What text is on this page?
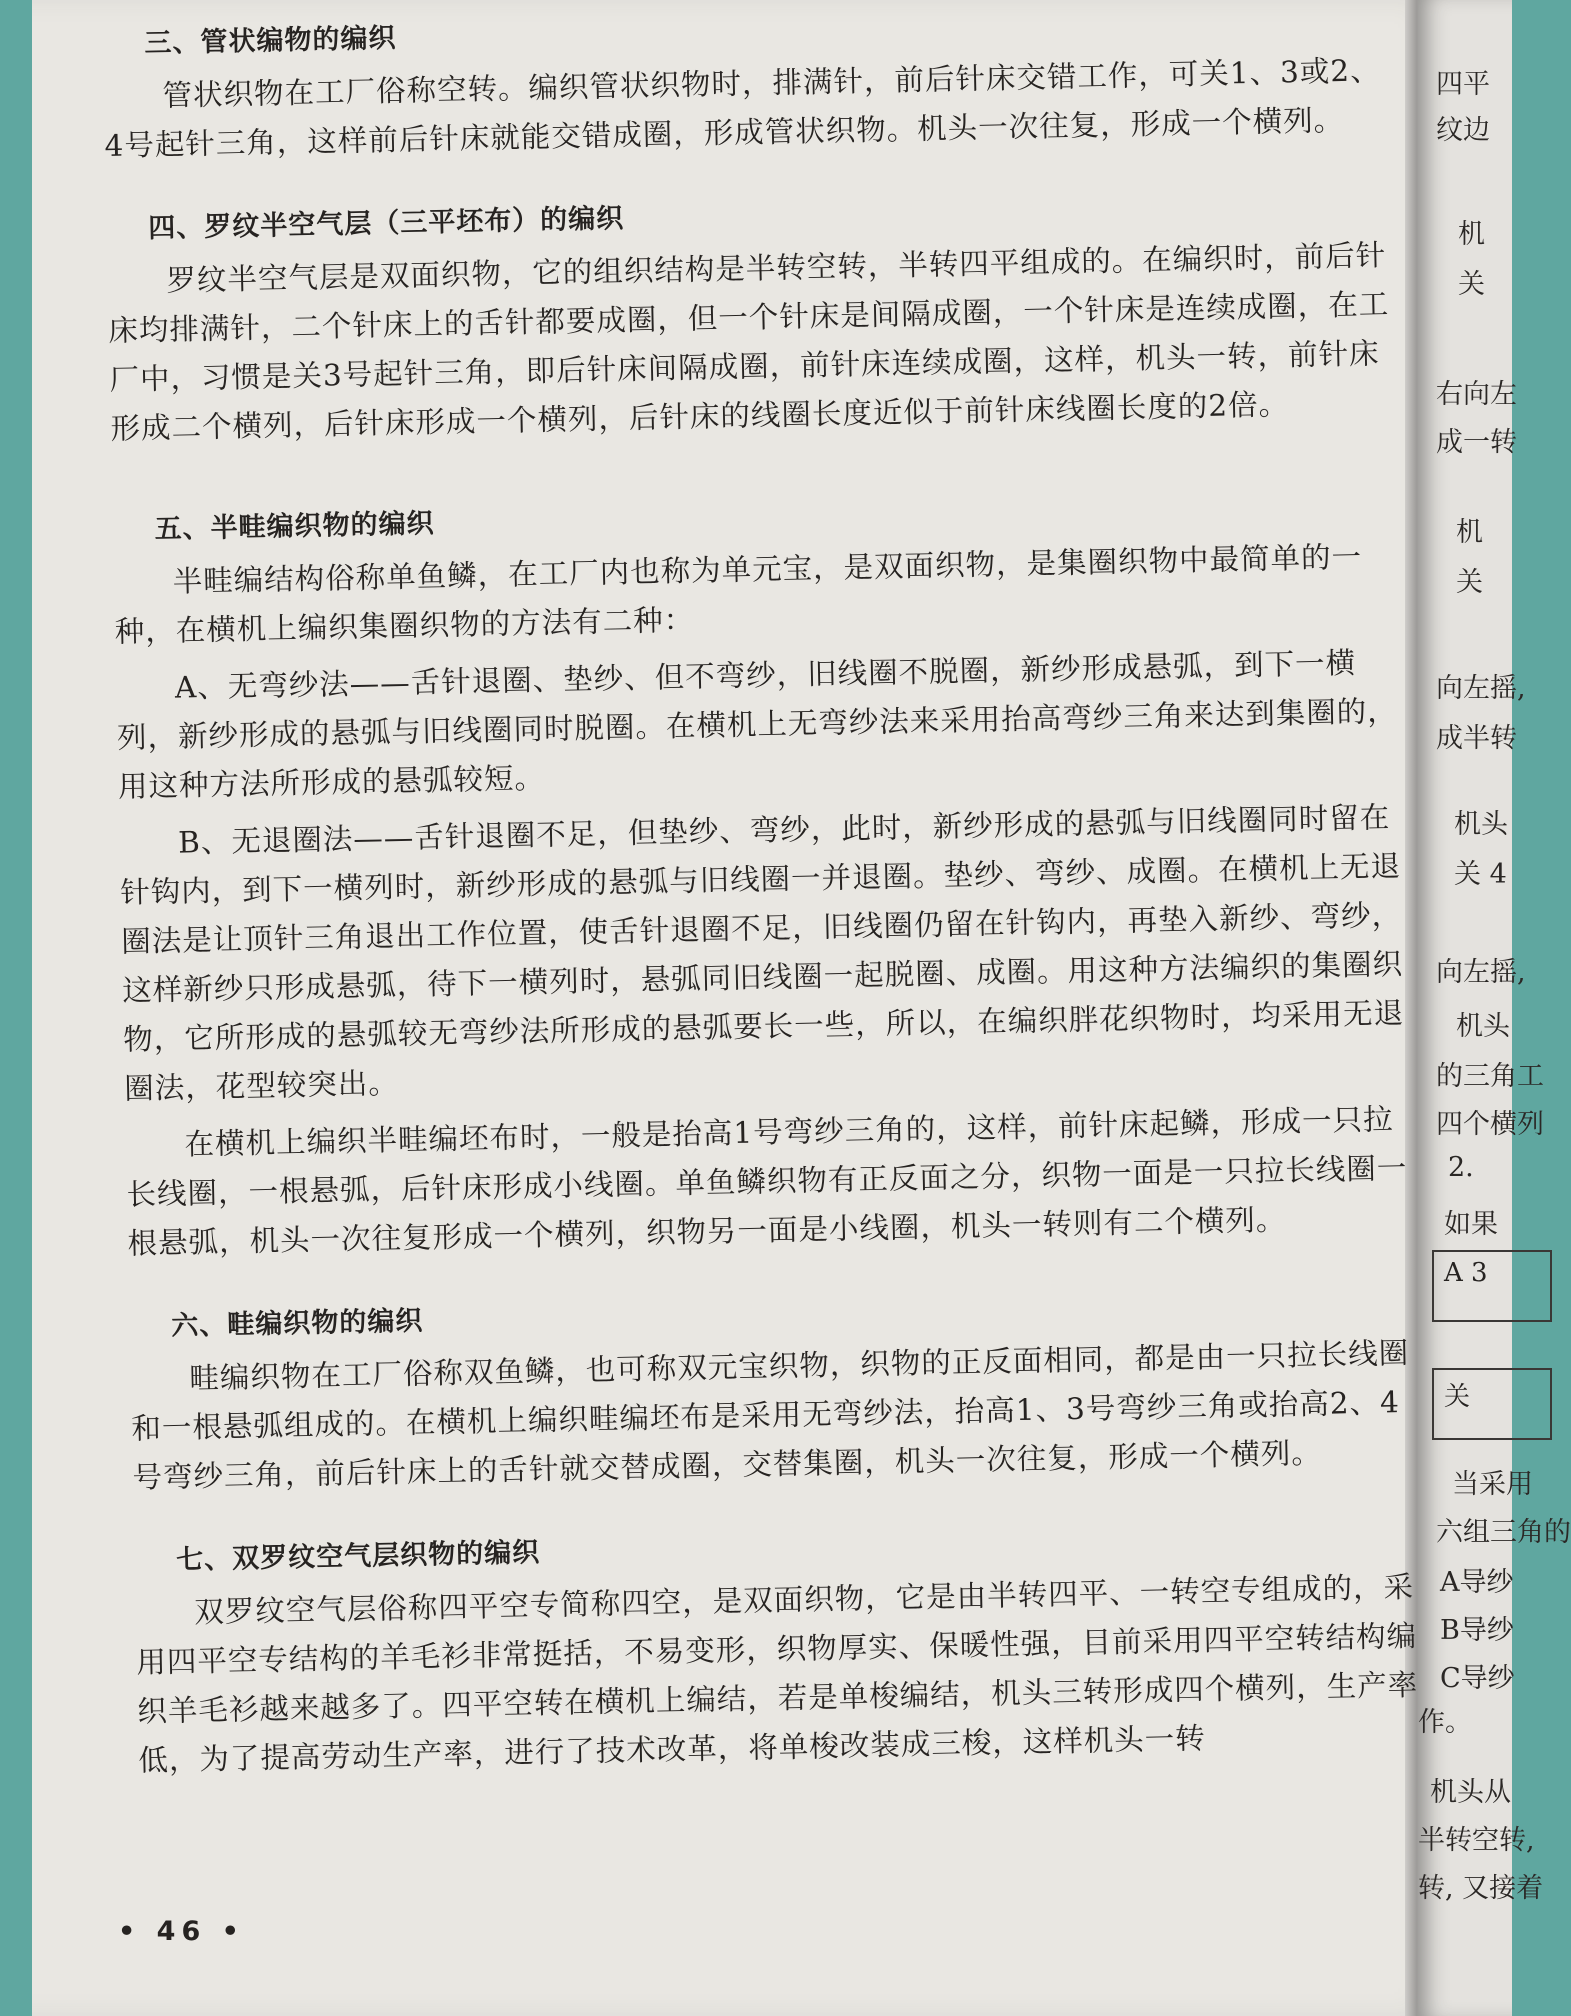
四平
纹边
机
关
右向左
成一转
机
关
向左摇,
成半转
机头
关 4
向左摇,
机头
的三角工
四个横列
2.
如果
A 3
关
当采用
六组三角的
A导纱
B导纱
C导纱
作。
机头从
半转空转,
转, 又接着
三、管状编物的编织

管状织物在工厂俗称空转。编织管状织物时，排满针，前后针床交错工作，可关1、3或2、4号起针三角，这样前后针床就能交错成圈，形成管状织物。机头一次往复，形成一个横列。

四、罗纹半空气层（三平坯布）的编织

罗纹半空气层是双面织物，它的组织结构是半转空转，半转四平组成的。在编织时，前后针床均排满针，二个针床上的舌针都要成圈，但一个针床是间隔成圈，一个针床是连续成圈，在工厂中，习惯是关3号起针三角，即后针床间隔成圈，前针床连续成圈，这样，机头一转，前针床形成二个横列，后针床形成一个横列，后针床的线圈长度近似于前针床线圈长度的2倍。

五、半畦编织物的编织

半畦编结构俗称单鱼鳞，在工厂内也称为单元宝，是双面织物，是集圈织物中最简单的一种，在横机上编织集圈织物的方法有二种：

A、无弯纱法——舌针退圈、垫纱、但不弯纱，旧线圈不脱圈，新纱形成悬弧，到下一横列，新纱形成的悬弧与旧线圈同时脱圈。在横机上无弯纱法来采用抬高弯纱三角来达到集圈的，用这种方法所形成的悬弧较短。

B、无退圈法——舌针退圈不足，但垫纱、弯纱，此时，新纱形成的悬弧与旧线圈同时留在针钩内，到下一横列时，新纱形成的悬弧与旧线圈一并退圈。垫纱、弯纱、成圈。在横机上无退圈法是让顶针三角退出工作位置，使舌针退圈不足，旧线圈仍留在针钩内，再垫入新纱、弯纱，这样新纱只形成悬弧，待下一横列时，悬弧同旧线圈一起脱圈、成圈。用这种方法编织的集圈织物，它所形成的悬弧较无弯纱法所形成的悬弧要长一些，所以，在编织胖花织物时，均采用无退圈法，花型较突出。

在横机上编织半畦编坯布时，一般是抬高1号弯纱三角的，这样，前针床起鳞，形成一只拉长线圈，一根悬弧，后针床形成小线圈。单鱼鳞织物有正反面之分，织物一面是一只拉长线圈一根悬弧，机头一次往复形成一个横列，织物另一面是小线圈，机头一转则有二个横列。

六、畦编织物的编织

畦编织物在工厂俗称双鱼鳞，也可称双元宝织物，织物的正反面相同，都是由一只拉长线圈和一根悬弧组成的。在横机上编织畦编坯布是采用无弯纱法，抬高1、3号弯纱三角或抬高2、4号弯纱三角，前后针床上的舌针就交替成圈，交替集圈，机头一次往复，形成一个横列。

七、双罗纹空气层织物的编织

双罗纹空气层俗称四平空专简称四空，是双面织物，它是由半转四平、一转空专组成的，采用四平空专结构的羊毛衫非常挺括，不易变形，织物厚实、保暖性强，目前采用四平空转结构编织羊毛衫越来越多了。四平空转在横机上编结，若是单梭编结，机头三转形成四个横列，生产率低，为了提高劳动生产率，进行了技术改革，将单梭改装成三梭，这样机头一转

• 46 •
